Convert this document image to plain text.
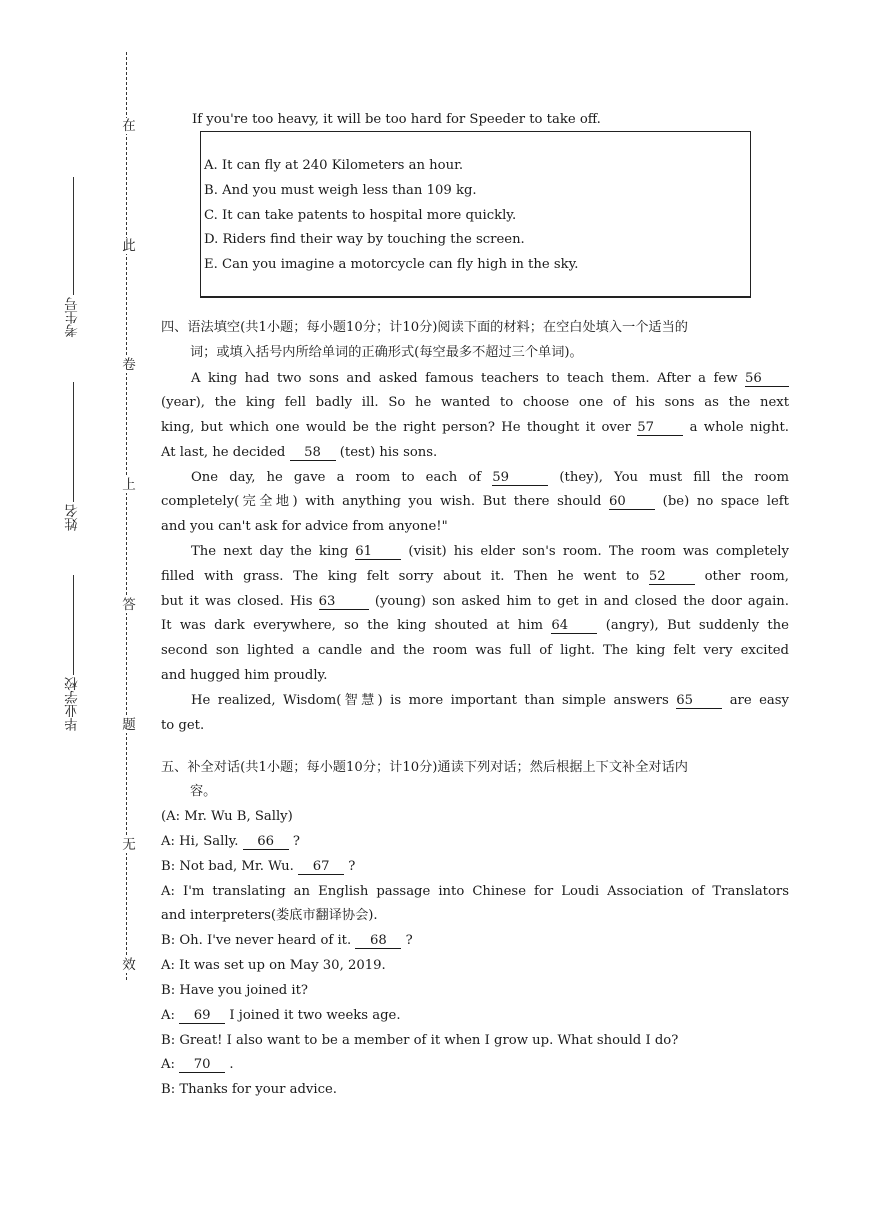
在
此
卷
上
答
题
无
效
考生号
姓名
毕业学校
If you're too heavy, it will be too hard for Speeder to take off.
A. It can fly at 240 Kilometers an hour.
B. And you must weigh less than 109 kg.
C. It can take patents to hospital more quickly.
D. Riders find their way by touching the screen.
E. Can you imagine a motorcycle can fly high in the sky.
四、语法填空(共1小题；每小题10分；计10分)阅读下面的材料；在空白处填入一个适当的
词；或填入括号内所给单词的正确形式(每空最多不超过三个单词)。
A king had two sons and asked famous teachers to teach them. After a few 56
(year), the king fell badly ill. So he wanted to choose one of his sons as the next
king, but which one would be the right person? He thought it over 57	a whole night.
At last, he decided 58 (test) his sons.
One day, he gave a room to each of 59	(they), You must fill the room
completely(完全地) with anything you wish. But there should 60	(be) no space left
and you can't ask for advice from anyone!"
The next day the king 61	(visit) his elder son's room. The room was completely
filled with grass. The king felt sorry about it. Then he went to 52	other room,
but it was closed. His 63	(young) son asked him to get in and closed the door again.
It was dark everywhere, so the king shouted at him 64	(angry), But suddenly the
second son lighted a candle and the room was full of light. The king felt very excited
and hugged him proudly.
He realized, Wisdom(智慧) is more important than simple answers 65	are easy
to get.
五、补全对话(共1小题；每小题10分；计10分)通读下列对话；然后根据上下文补全对话内
容。
(A: Mr. Wu B, Sally)
A: Hi, Sally. 66 ?
B: Not bad, Mr. Wu. 67 ?
A: I'm translating an English passage into Chinese for Loudi Association of Translators
and interpreters(娄底市翻译协会).
B: Oh. I've never heard of it. 68 ?
A: It was set up on May 30, 2019.
B: Have you joined it?
A: 69 I joined it two weeks age.
B: Great! I also want to be a member of it when I grow up. What should I do?
A: 70 .
B: Thanks for your advice.
